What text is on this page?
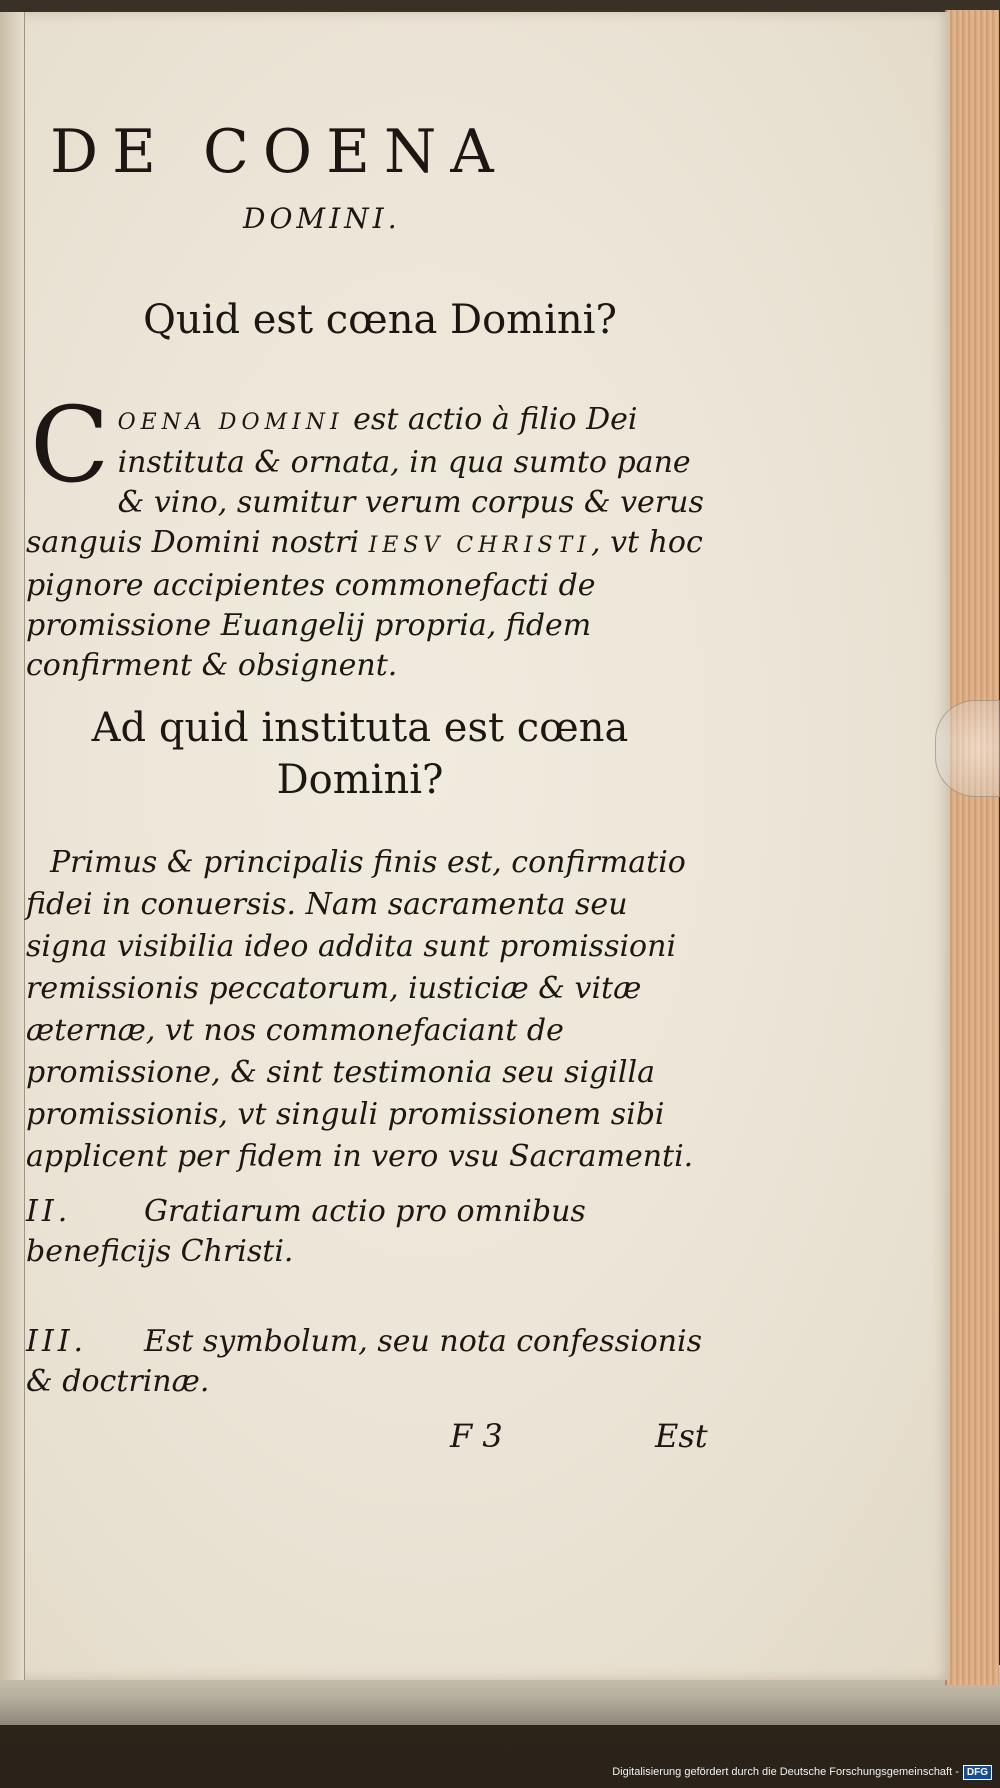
DE COENA
DOMINI.
Quid est cœna Domini?
COENA DOMINI est actio à filio Dei instituta & ornata, in qua sumto pane & vino, sumitur verum corpus & verus sanguis Domini nostri IESV CHRISTI, vt hoc pignore accipientes commonefacti de promissione Euangelij propria, fidem confirment & obsignent.
Ad quid instituta est cœna Domini?
Primus & principalis finis est, confirmatio fidei in conuersis. Nam sacramenta seu signa visibilia ideo addita sunt promissioni remissionis peccatorum, iusticiæ & vitæ æternæ, vt nos commonefaciant de promissione, & sint testimonia seu sigilla promissionis, vt singuli promissionem sibi applicent per fidem in vero vsu Sacramenti.
II. Gratiarum actio pro omnibus beneficijs Christi.
III. Est symbolum, seu nota confessionis & doctrinæ.
F 3	Est
Digitalisierung gefördert durch die Deutsche Forschungsgemeinschaft - DFG
